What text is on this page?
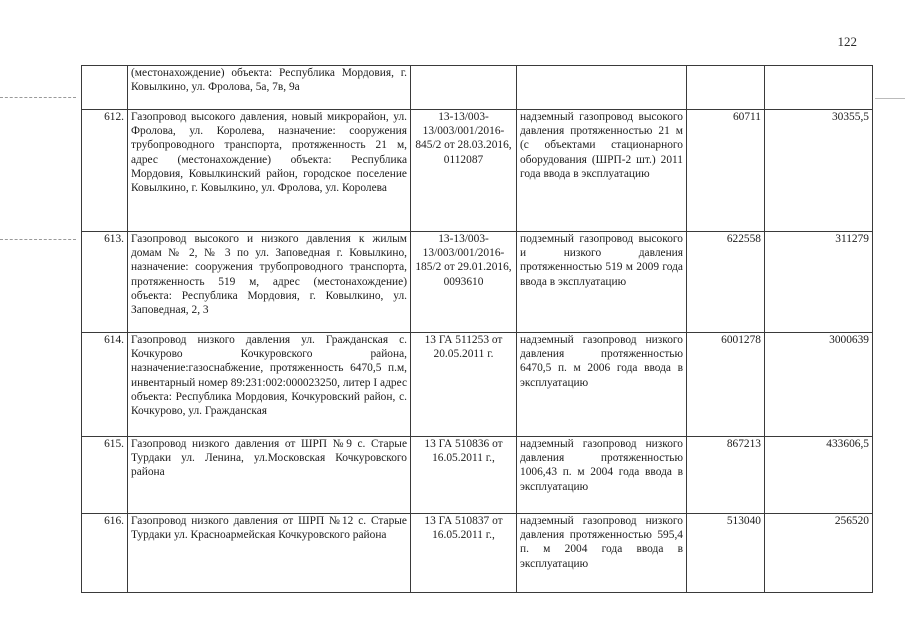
122
	(местонахождение) объекта: Республика Мордовия, г. Ковылкино, ул. Фролова, 5а, 7в, 9а				
612.	Газопровод высокого давления, новый микрорайон, ул. Фролова, ул. Королева, назначение: сооружения трубопроводного транспорта, протяженность 21 м, адрес (местонахождение) объекта: Республика Мордовия, Ковылкинский район, городское поселение Ковылкино, г. Ковылкино, ул. Фролова, ул. Королева	13-13/003-13/003/001/2016-845/2 от 28.03.2016, 0112087	надземный газопровод высокого давления протяженностью 21 м (с объектами стационарного оборудования (ШРП-2 шт.) 2011 года ввода в эксплуатацию	60711	30355,5
613.	Газопровод высокого и низкого давления к жилым домам № 2, № 3 по ул. Заповедная г. Ковылкино, назначение: сооружения трубопроводного транспорта, протяженность 519 м, адрес (местонахождение) объекта: Республика Мордовия, г. Ковылкино, ул. Заповедная, 2, 3	13-13/003-13/003/001/2016-185/2 от 29.01.2016, 0093610	подземный газопровод высокого и низкого давления протяженностью 519 м 2009 года ввода в эксплуатацию	622558	311279
614.	Газопровод низкого давления ул. Гражданская с. Кочкурово Кочкуровского района, назначение:газоснабжение, протяженность 6470,5 п.м, инвентарный номер 89:231:002:000023250, литер I адрес объекта: Республика Мордовия, Кочкуровский район, с. Кочкурово, ул. Гражданская	13 ГА 511253 от 20.05.2011 г.	надземный газопровод низкого давления протяженностью 6470,5 п. м 2006 года ввода в эксплуатацию	6001278	3000639
615.	Газопровод низкого давления от ШРП №9 с. Старые Турдаки ул. Ленина, ул.Московская Кочкуровского района	13 ГА 510836 от 16.05.2011 г.,	надземный газопровод низкого давления протяженностью 1006,43 п. м 2004 года ввода в эксплуатацию	867213	433606,5
616.	Газопровод низкого давления от ШРП №12 с. Старые Турдаки ул. Красноармейская Кочкуровского района	13 ГА 510837 от 16.05.2011 г.,	надземный газопровод низкого давления протяженностью 595,4 п. м 2004 года ввода в эксплуатацию	513040	256520
